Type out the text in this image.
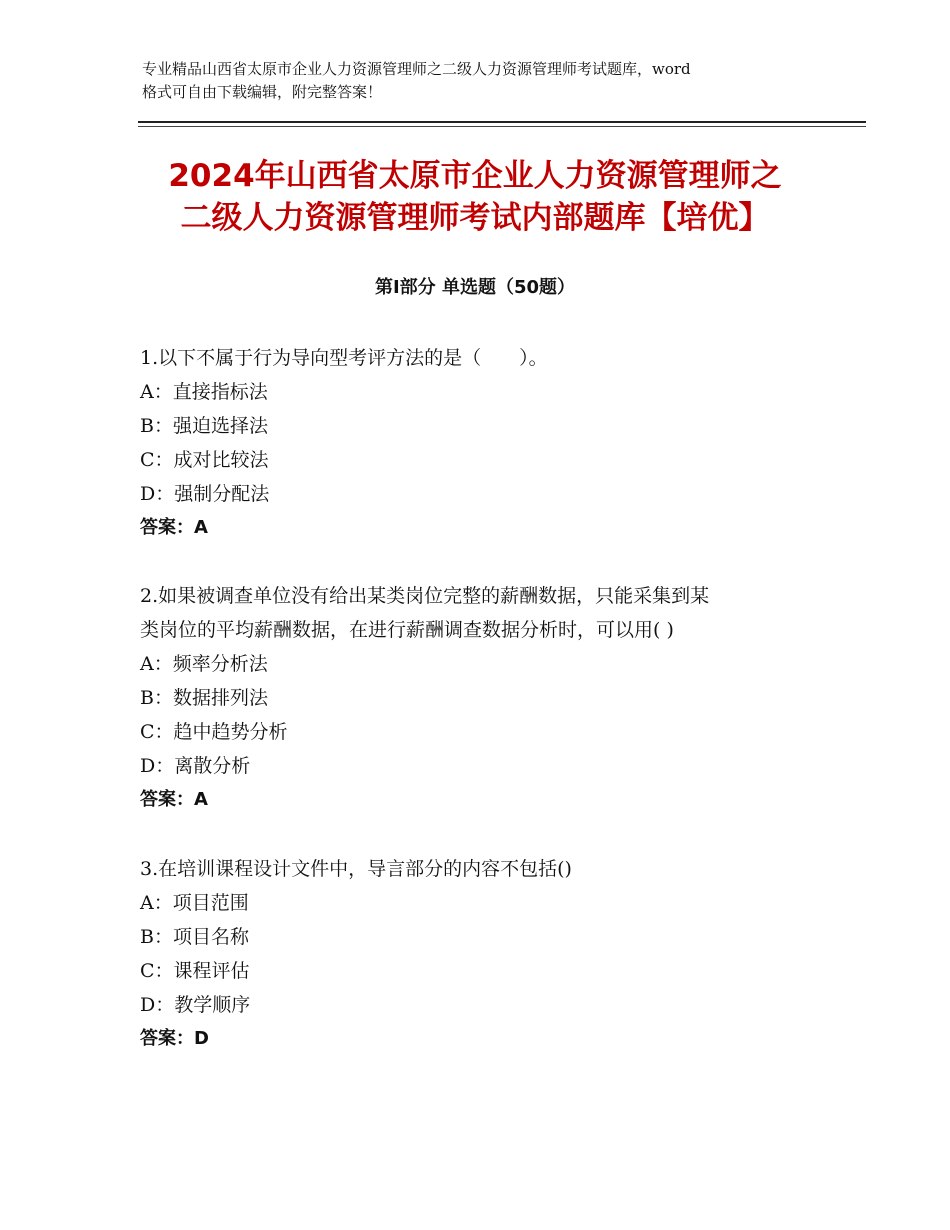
专业精品山西省太原市企业人力资源管理师之二级人力资源管理师考试题库，word
格式可自由下载编辑，附完整答案！
2024年山西省太原市企业人力资源管理师之
二级人力资源管理师考试内部题库【培优】
第Ⅰ部分 单选题（50题）
1.以下不属于行为导向型考评方法的是（　　）。
A：直接指标法
B：强迫选择法
C：成对比较法
D：强制分配法
答案：A
2.如果被调查单位没有给出某类岗位完整的薪酬数据，只能采集到某
类岗位的平均薪酬数据，在进行薪酬调查数据分析时，可以用( )
A：频率分析法
B：数据排列法
C：趋中趋势分析
D：离散分析
答案：A
3.在培训课程设计文件中，导言部分的内容不包括()
A：项目范围
B：项目名称
C：课程评估
D：教学顺序
答案：D
